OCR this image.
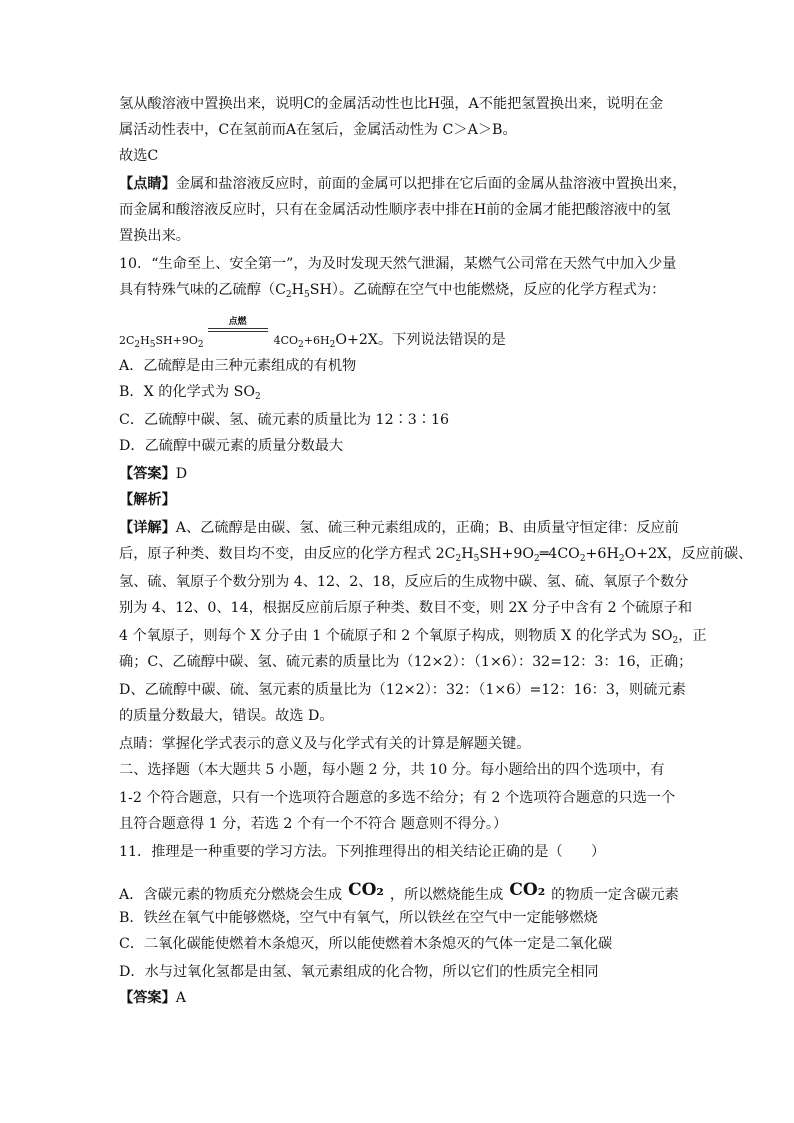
氢从酸溶液中置换出来，说明C的金属活动性也比H强，A不能把氢置换出来，说明在金
属活动性表中，C在氢前而A在氢后，金属活动性为 C＞A＞B。
故选C
【点睛】金属和盐溶液反应时，前面的金属可以把排在它后面的金属从盐溶液中置换出来，
而金属和酸溶液反应时，只有在金属活动性顺序表中排在H前的金属才能把酸溶液中的氢
置换出来。
10．“生命至上、安全第一”，为及时发现天然气泄漏，某燃气公司常在天然气中加入少量
具有特殊气味的乙硫醇$(C_2H_5SH)$。乙硫醇在空气中也能燃烧，反应的化学方程式为：
$2C_2H_5SH+9O_2$
点燃
$4CO_2+6H_2O+2X$。下列说法错误的是
A．乙硫醇是由三种元素组成的有机物
B．X 的化学式为 $SO_2$
C．乙硫醇中碳、氢、硫元素的质量比为 12∶3∶16
D．乙硫醇中碳元素的质量分数最大
【答案】D
【解析】
【详解】A、乙硫醇是由碳、氢、硫三种元素组成的，正确；B、由质量守恒定律：反应前
后，原子种类、数目均不变，由反应的化学方程式 $2C_2H_5SH+9O_2═4CO_2+6H_2O+2X$，反应前碳、
氢、硫、氧原子个数分别为 4、12、2、18，反应后的生成物中碳、氢、硫、氧原子个数分
别为 4、12、0、14，根据反应前后原子种类、数目不变，则 2X 分子中含有 2 个硫原子和
4 个氧原子，则每个 X 分子由 1 个硫原子和 2 个氧原子构成，则物质 X 的化学式为 $SO_2$，正
确；C、乙硫醇中碳、氢、硫元素的质量比为（12×2）：（1×6）：32=12：3：16，正确；
D、乙硫醇中碳、硫、氢元素的质量比为（12×2）：32：（1×6）=12：16：3，则硫元素
的质量分数最大，错误。故选 D。
点睛：掌握化学式表示的意义及与化学式有关的计算是解题关键。
二、选择题（本大题共 5 小题，每小题 2 分，共 10 分。每小题给出的四个选项中，有
1-2 个符合题意，只有一个选项符合题意的多选不给分；有 2 个选项符合题意的只选一个
且符合题意得 1 分，若选 2 个有一个不符合 题意则不得分。）
11．推理是一种重要的学习方法。下列推理得出的相关结论正确的是（　　）
A．含碳元素的物质充分燃烧会生成 CO₂ ，所以燃烧能生成 CO₂ 的物质一定含碳元素
B．铁丝在氧气中能够燃烧，空气中有氧气，所以铁丝在空气中一定能够燃烧
C．二氧化碳能使燃着木条熄灭，所以能使燃着木条熄灭的气体一定是二氧化碳
D．水与过氧化氢都是由氢、氧元素组成的化合物，所以它们的性质完全相同
【答案】A
